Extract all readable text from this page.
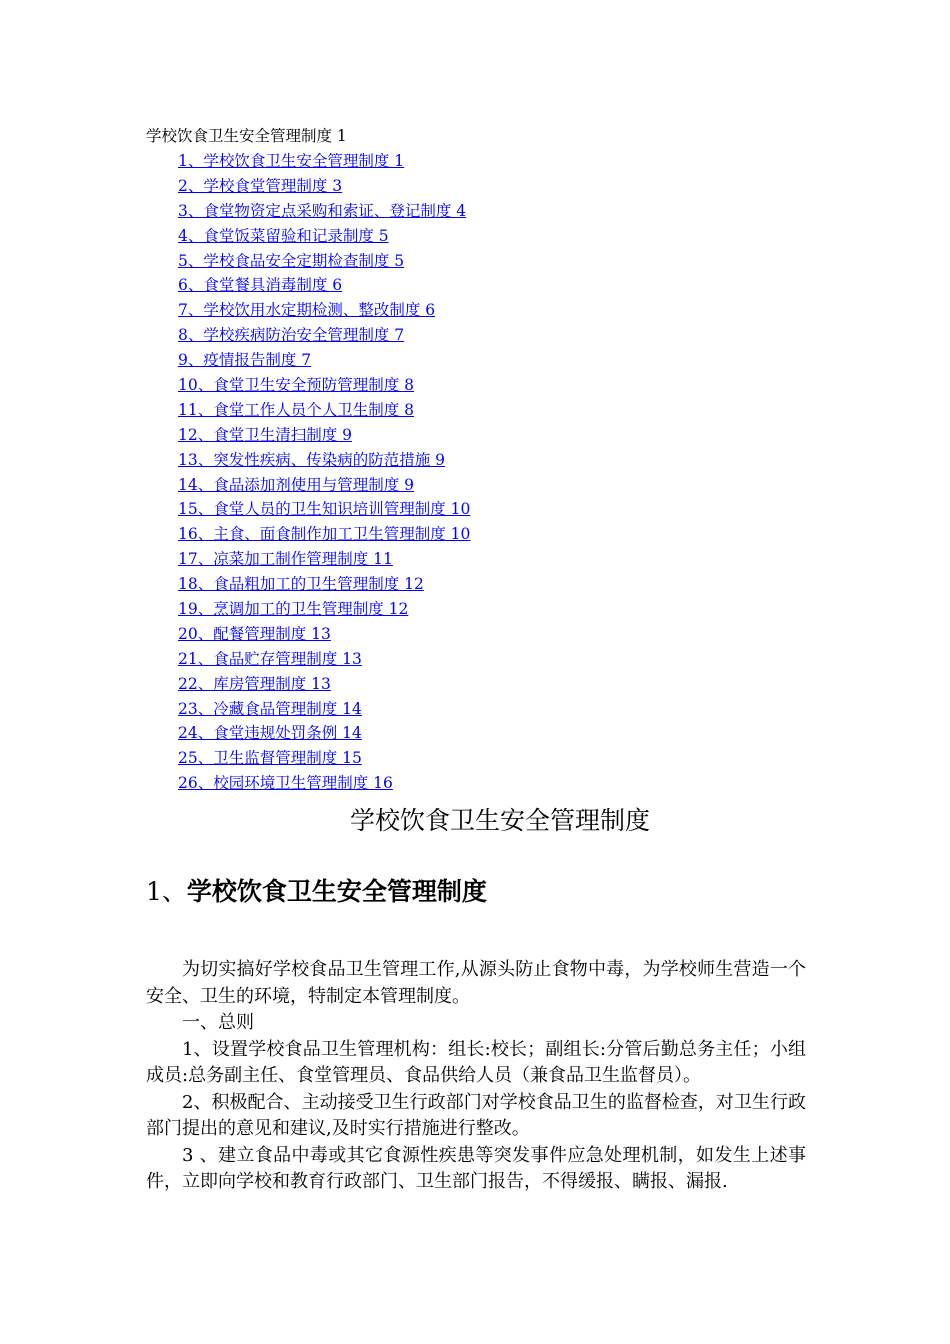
学校饮食卫生安全管理制度 1
1、学校饮食卫生安全管理制度 1
2、学校食堂管理制度 3
3、食堂物资定点采购和索证、登记制度 4
4、食堂饭菜留验和记录制度 5
5、学校食品安全定期检查制度 5
6、食堂餐具消毒制度 6
7、学校饮用水定期检测、整改制度 6
8、学校疾病防治安全管理制度 7
9、疫情报告制度 7
10、食堂卫生安全预防管理制度 8
11、食堂工作人员个人卫生制度 8
12、食堂卫生清扫制度 9
13、突发性疾病、传染病的防范措施 9
14、食品添加剂使用与管理制度 9
15、食堂人员的卫生知识培训管理制度 10
16、主食、面食制作加工卫生管理制度 10
17、凉菜加工制作管理制度 11
18、食品粗加工的卫生管理制度 12
19、烹调加工的卫生管理制度 12
20、配餐管理制度 13
21、食品贮存管理制度 13
22、库房管理制度 13
23、冷藏食品管理制度 14
24、食堂违规处罚条例 14
25、卫生监督管理制度 15
26、校园环境卫生管理制度 16
学校饮食卫生安全管理制度
1、学校饮食卫生安全管理制度

为切实搞好学校食品卫生管理工作,从源头防止食物中毒，为学校师生营造一个安全、卫生的环境，特制定本管理制度。

一、总则

1、设置学校食品卫生管理机构：组长:校长；副组长:分管后勤总务主任；小组成员:总务副主任、食堂管理员、食品供给人员（兼食品卫生监督员）。

2、积极配合、主动接受卫生行政部门对学校食品卫生的监督检查，对卫生行政部门提出的意见和建议,及时实行措施进行整改。

3 、建立食品中毒或其它食源性疾患等突发事件应急处理机制，如发生上述事件，立即向学校和教育行政部门、卫生部门报告，不得缓报、瞒报、漏报.
